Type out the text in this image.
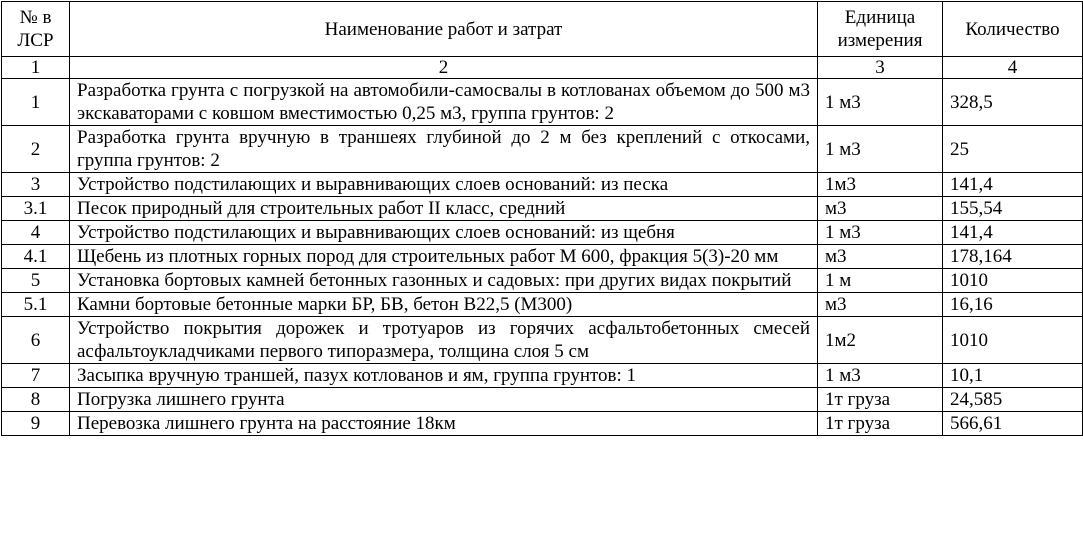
№ в ЛСР	Наименование работ и затрат	Единица измерения	Количество
1	2	3	4
1	Разработка грунта с погрузкой на автомобили-самосвалы в котлованах объемом до 500 м3 экскаваторами с ковшом вместимостью 0,25 м3, группа грунтов: 2	1 м3	328,5
2	Разработка грунта вручную в траншеях глубиной до 2 м без креплений с откосами, группа грунтов: 2	1 м3	25
3	Устройство подстилающих и выравнивающих слоев оснований: из песка	1м3	141,4
3.1	Песок природный для строительных работ II класс, средний	м3	155,54
4	Устройство подстилающих и выравнивающих слоев оснований: из щебня	1 м3	141,4
4.1	Щебень из плотных горных пород для строительных работ М 600, фракция 5(3)-20 мм	м3	178,164
5	Установка бортовых камней бетонных газонных и садовых: при других видах покрытий	1 м	1010
5.1	Камни бортовые бетонные марки БР, БВ, бетон В22,5 (М300)	м3	16,16
6	Устройство покрытия дорожек и тротуаров из горячих асфальтобетонных смесей асфальтоукладчиками первого типоразмера, толщина слоя 5 см	1м2	1010
7	Засыпка вручную траншей, пазух котлованов и ям, группа грунтов: 1	1 м3	10,1
8	Погрузка лишнего грунта	1т груза	24,585
9	Перевозка лишнего грунта на расстояние 18км	1т груза	566,61
